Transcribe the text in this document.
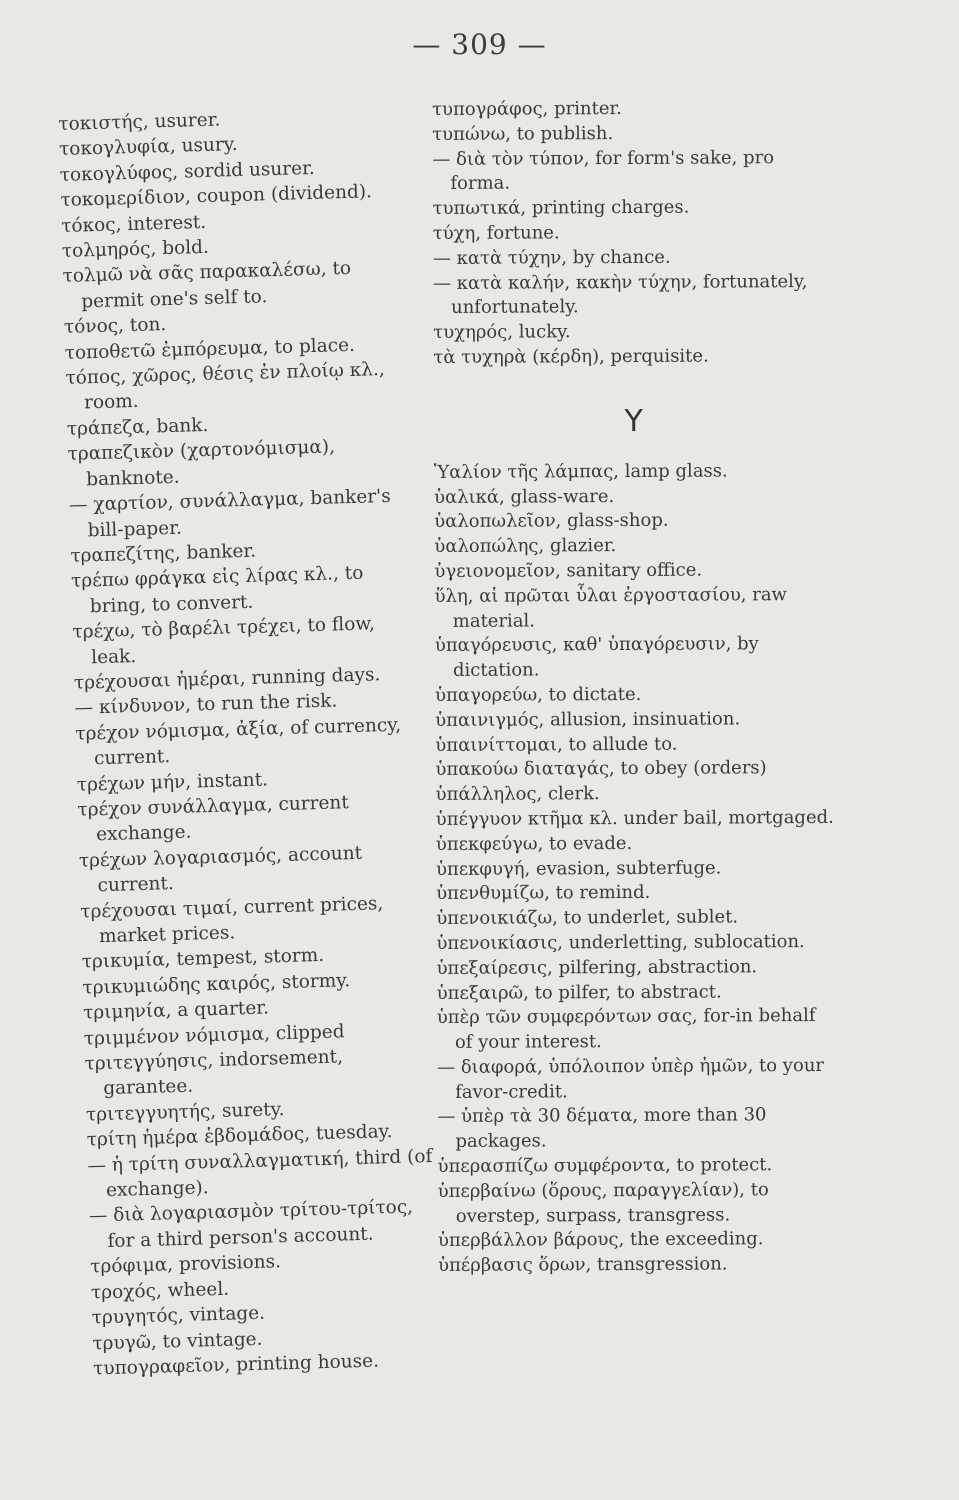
— 309 —
τοκιστής, usurer.
τοκογλυφία, usury.
τοκογλύφος, sordid usurer.
τοκομερίδιον, coupon (dividend).
τόκος, interest.
τολμηρός, bold.
τολμῶ νὰ σᾶς παρακαλέσω, to permit one's self to.
τόνος, ton.
τοποθετῶ ἐμπόρευμα, to place.
τόπος, χῶρος, θέσις ἐν πλοίῳ κλ., room.
τράπεζα, bank.
τραπεζικὸν (χαρτονόμισμα), banknote.
— χαρτίον, συνάλλαγμα, banker's bill-paper.
τραπεζίτης, banker.
τρέπω φράγκα εἰς λίρας κλ., to bring, to convert.
τρέχω, τὸ βαρέλι τρέχει, to flow, leak.
τρέχουσαι ἡμέραι, running days.
— κίνδυνον, to run the risk.
τρέχον νόμισμα, ἀξία, of currency, current.
τρέχων μήν, instant.
τρέχον συνάλλαγμα, current exchange.
τρέχων λογαριασμός, account current.
τρέχουσαι τιμαί, current prices, market prices.
τρικυμία, tempest, storm.
τρικυμιώδης καιρός, stormy.
τριμηνία, a quarter.
τριμμένον νόμισμα, clipped
τριτεγγύησις, indorsement, garantee.
τριτεγγυητής, surety.
τρίτη ἡμέρα ἑβδομάδος, tuesday.
— ἡ τρίτη συναλλαγματική, third (of exchange).
— διὰ λογαριασμὸν τρίτου-τρίτος, for a third person's account.
τρόφιμα, provisions.
τροχός, wheel.
τρυγητός, vintage.
τρυγῶ, to vintage.
τυπογραφεῖον, printing house.
τυπογράφος, printer.
τυπώνω, to publish.
— διὰ τὸν τύπον, for form's sake, pro forma.
τυπωτικά, printing charges.
τύχη, fortune.
— κατὰ τύχην, by chance.
— κατὰ καλήν, κακὴν τύχην, fortunately, unfortunately.
τυχηρός, lucky.
τὰ τυχηρὰ (κέρδη), perquisite.
Y
Ὑαλίον τῆς λάμπας, lamp glass.
ὑαλικά, glass-ware.
ὑαλοπωλεῖον, glass-shop.
ὑαλοπώλης, glazier.
ὑγειονομεῖον, sanitary office.
ὕλη, αἱ πρῶται ὗλαι ἐργοστασίου, raw material.
ὑπαγόρευσις, καθ' ὑπαγόρευσιν, by dictation.
ὑπαγορεύω, to dictate.
ὑπαινιγμός, allusion, insinuation.
ὑπαινίττομαι, to allude to.
ὑπακούω διαταγάς, to obey (orders)
ὑπάλληλος, clerk.
ὑπέγγυον κτῆμα κλ. under bail, mortgaged.
ὑπεκφεύγω, to evade.
ὑπεκφυγή, evasion, subterfuge.
ὑπενθυμίζω, to remind.
ὑπενοικιάζω, to underlet, sublet.
ὑπενοικίασις, underletting, sublocation.
ὑπεξαίρεσις, pilfering, abstraction.
ὑπεξαιρῶ, to pilfer, to abstract.
ὑπὲρ τῶν συμφερόντων σας, for-in behalf of your interest.
— διαφορά, ὑπόλοιπον ὑπὲρ ἡμῶν, to your favor-credit.
— ὑπὲρ τὰ 30 δέματα, more than 30 packages.
ὑπερασπίζω συμφέροντα, to protect.
ὑπερβαίνω (ὅρους, παραγγελίαν), to overstep, surpass, transgress.
ὑπερβάλλον βάρους, the exceeding.
ὑπέρβασις ὅρων, transgression.
